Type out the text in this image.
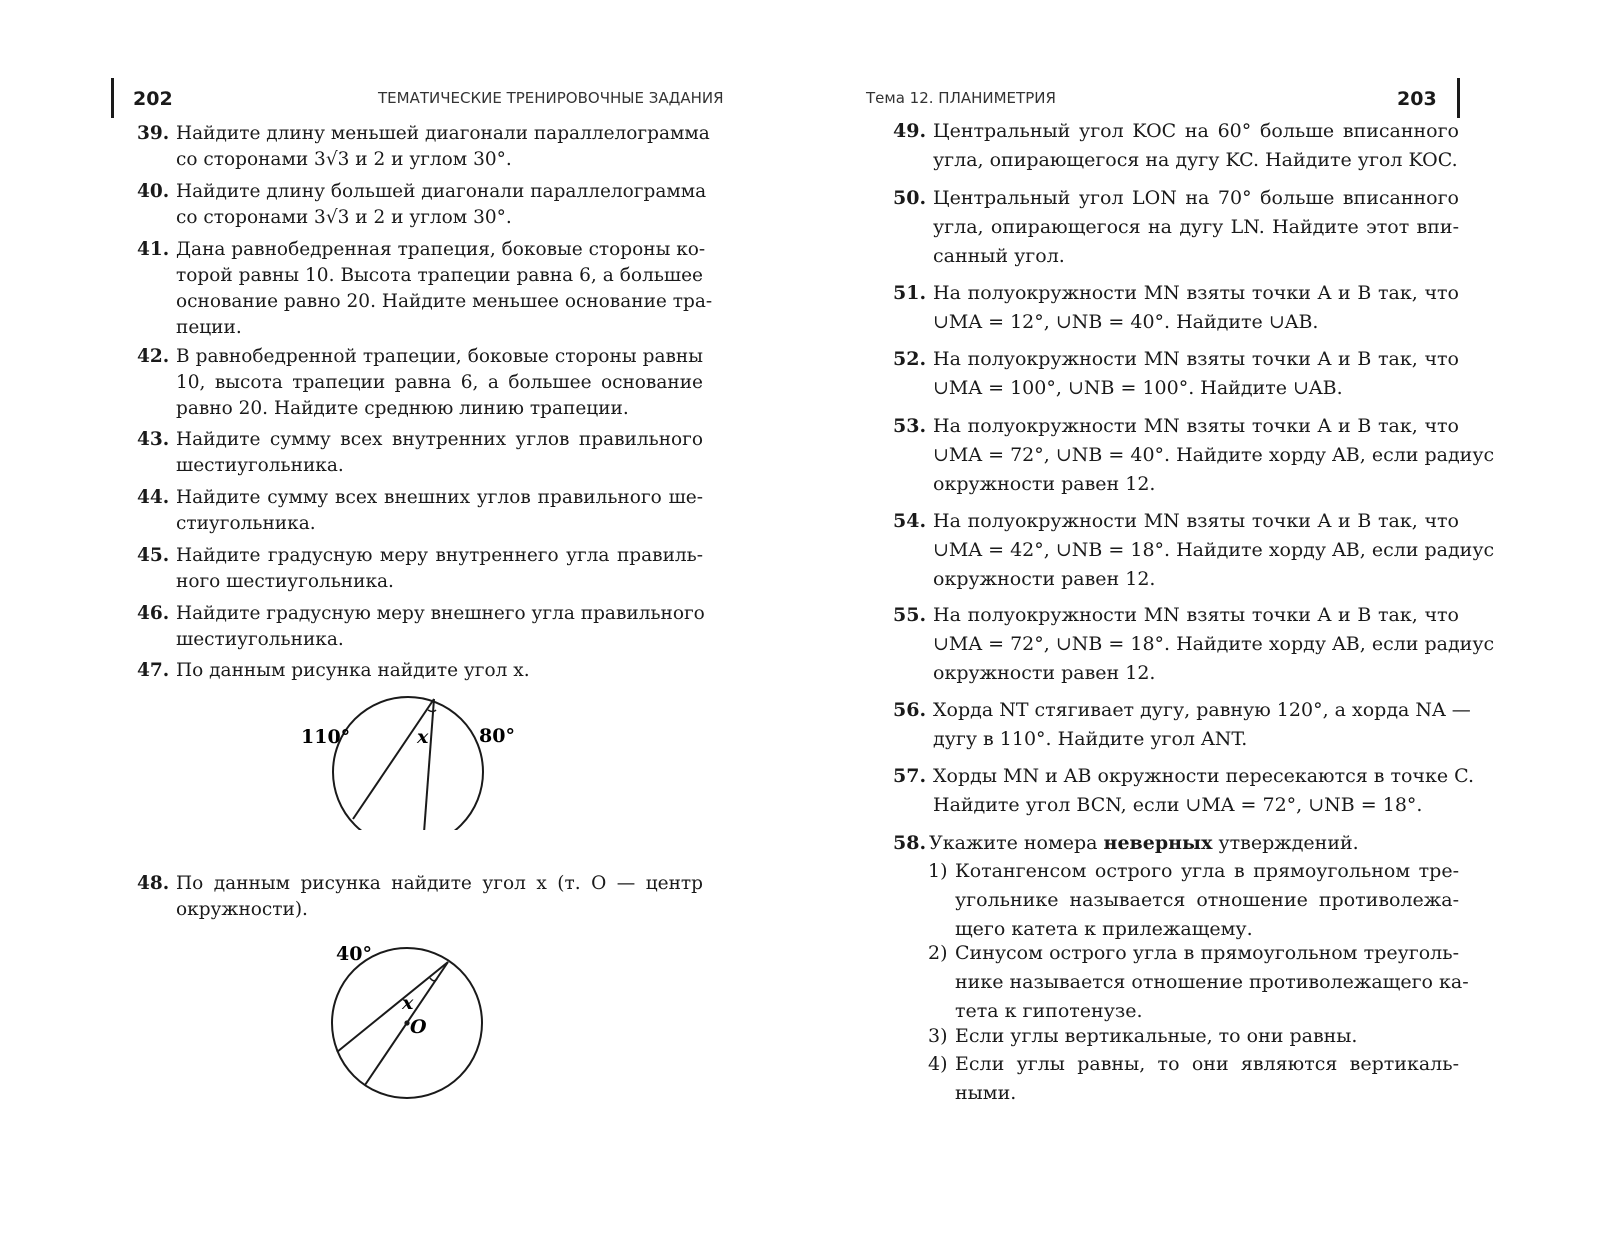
202	ТЕМАТИЧЕСКИЕ ТРЕНИРОВОЧНЫЕ ЗАДАНИЯ
39. Найдите длину меньшей диагонали параллелограмма
со сторонами 3√3 и 2 и углом 30°.
40. Найдите длину большей диагонали параллелограмма
со сторонами 3√3 и 2 и углом 30°.
41. Дана равнобедренная трапеция, боковые стороны ко-
торой равны 10. Высота трапеции равна 6, а большее
основание равно 20. Найдите меньшее основание тра-
пеции.
42. В равнобедренной трапеции, боковые стороны равны
10, высота трапеции равна 6, а большее основание
равно 20. Найдите среднюю линию трапеции.
43. Найдите сумму всех внутренних углов правильного
шестиугольника.
44. Найдите сумму всех внешних углов правильного ше-
стиугольника.
45. Найдите градусную меру внутреннего угла правиль-
ного шестиугольника.
46. Найдите градусную меру внешнего угла правильного
шестиугольника.
47. По данным рисунка найдите угол x.
110°	80°
x
48. По данным рисунка найдите угол x (т. O — центр
окружности).
40°
x
O
Тема 12. ПЛАНИМЕТРИЯ	203
49. Центральный угол KOC на 60° больше вписанного
угла, опирающегося на дугу KC. Найдите угол KOC.
50. Центральный угол LON на 70° больше вписанного
угла, опирающегося на дугу LN. Найдите этот впи-
санный угол.
51. На полуокружности MN взяты точки A и B так, что
∪MA = 12°, ∪NB = 40°. Найдите ∪AB.
52. На полуокружности MN взяты точки A и B так, что
∪MA = 100°, ∪NB = 100°. Найдите ∪AB.
53. На полуокружности MN взяты точки A и B так, что
∪MA = 72°, ∪NB = 40°. Найдите хорду AB, если радиус
окружности равен 12.
54. На полуокружности MN взяты точки A и B так, что
∪MA = 42°, ∪NB = 18°. Найдите хорду AB, если радиус
окружности равен 12.
55. На полуокружности MN взяты точки A и B так, что
∪MA = 72°, ∪NB = 18°. Найдите хорду AB, если радиус
окружности равен 12.
56. Хорда NT стягивает дугу, равную 120°, а хорда NA —
дугу в 110°. Найдите угол ANT.
57. Хорды MN и AB окружности пересекаются в точке C.
Найдите угол BCN, если ∪MA = 72°, ∪NB = 18°.
58. Укажите номера неверных утверждений.
1) Котангенсом острого угла в прямоугольном тре-
угольнике называется отношение противолежа-
щего катета к прилежащему.
2) Синусом острого угла в прямоугольном треуголь-
нике называется отношение противолежащего ка-
тета к гипотенузе.
3) Если углы вертикальные, то они равны.
4) Если углы равны, то они являются вертикаль-
ными.
